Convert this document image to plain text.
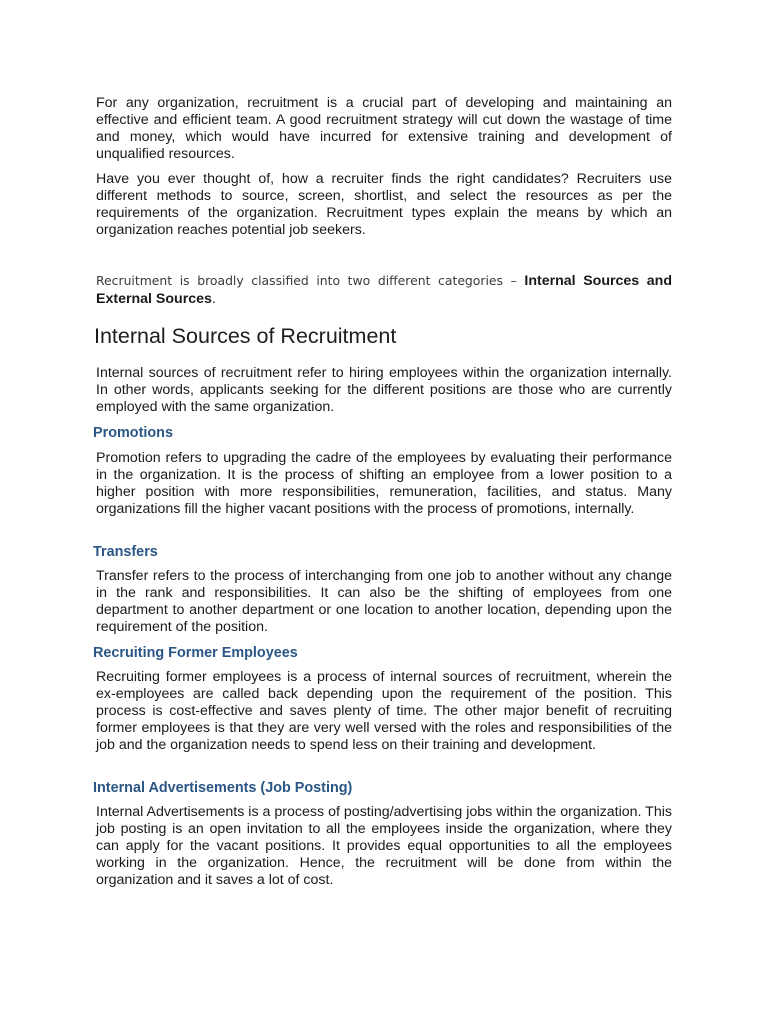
For any organization, recruitment is a crucial part of developing and maintaining an effective and efficient team. A good recruitment strategy will cut down the wastage of time and money, which would have incurred for extensive training and development of unqualified resources.

Have you ever thought of, how a recruiter finds the right candidates? Recruiters use different methods to source, screen, shortlist, and select the resources as per the requirements of the organization. Recruitment types explain the means by which an organization reaches potential job seekers.

Recruitment is broadly classified into two different categories – Internal Sources and External Sources.

Internal Sources of Recruitment

Internal sources of recruitment refer to hiring employees within the organization internally. In other words, applicants seeking for the different positions are those who are currently employed with the same organization.

Promotions

Promotion refers to upgrading the cadre of the employees by evaluating their performance in the organization. It is the process of shifting an employee from a lower position to a higher position with more responsibilities, remuneration, facilities, and status. Many organizations fill the higher vacant positions with the process of promotions, internally.

Transfers

Transfer refers to the process of interchanging from one job to another without any change in the rank and responsibilities. It can also be the shifting of employees from one department to another department or one location to another location, depending upon the requirement of the position.

Recruiting Former Employees

Recruiting former employees is a process of internal sources of recruitment, wherein the ex-employees are called back depending upon the requirement of the position. This process is cost-effective and saves plenty of time. The other major benefit of recruiting former employees is that they are very well versed with the roles and responsibilities of the job and the organization needs to spend less on their training and development.

Internal Advertisements (Job Posting)

Internal Advertisements is a process of posting/advertising jobs within the organization. This job posting is an open invitation to all the employees inside the organization, where they can apply for the vacant positions. It provides equal opportunities to all the employees working in the organization. Hence, the recruitment will be done from within the organization and it saves a lot of cost.
